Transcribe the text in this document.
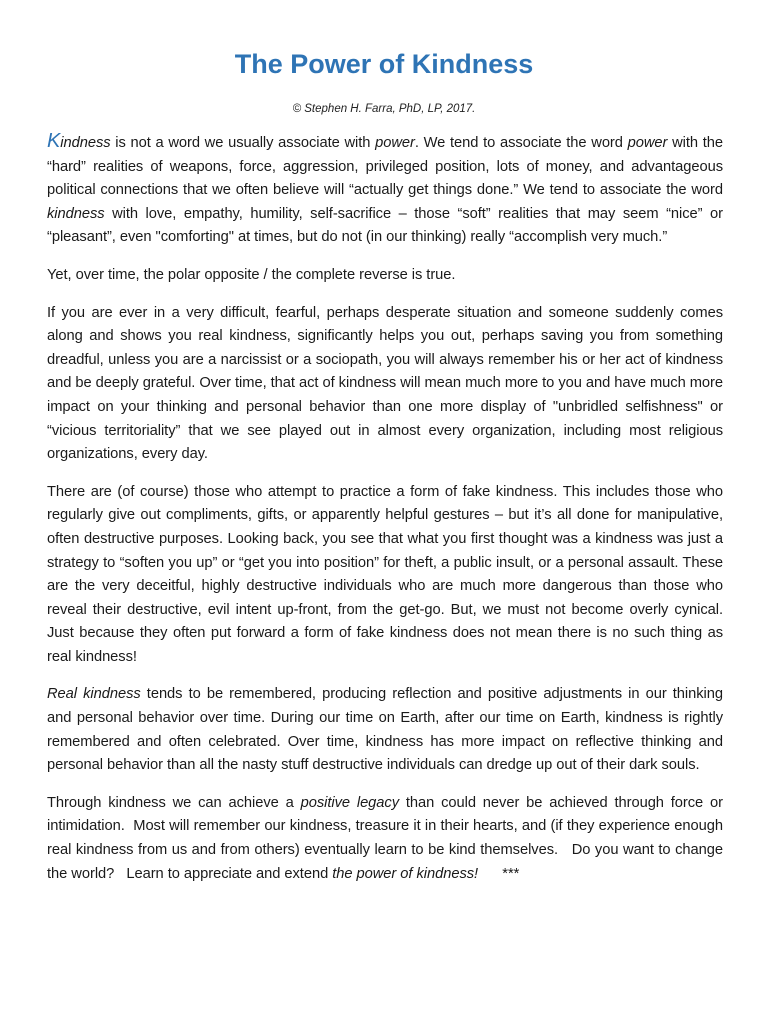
The Power of Kindness
© Stephen H. Farra, PhD, LP, 2017.

Kindness is not a word we usually associate with power. We tend to associate the word power with the “hard” realities of weapons, force, aggression, privileged position, lots of money, and advantageous political connections that we often believe will “actually get things done.” We tend to associate the word kindness with love, empathy, humility, self-sacrifice – those “soft” realities that may seem “nice” or “pleasant”, even "comforting" at times, but do not (in our thinking) really “accomplish very much.”

Yet, over time, the polar opposite / the complete reverse is true.

If you are ever in a very difficult, fearful, perhaps desperate situation and someone suddenly comes along and shows you real kindness, significantly helps you out, perhaps saving you from something dreadful, unless you are a narcissist or a sociopath, you will always remember his or her act of kindness and be deeply grateful. Over time, that act of kindness will mean much more to you and have much more impact on your thinking and personal behavior than one more display of "unbridled selfishness" or “vicious territoriality” that we see played out in almost every organization, including most religious organizations, every day.

There are (of course) those who attempt to practice a form of fake kindness. This includes those who regularly give out compliments, gifts, or apparently helpful gestures – but it’s all done for manipulative, often destructive purposes. Looking back, you see that what you first thought was a kindness was just a strategy to “soften you up” or “get you into position” for theft, a public insult, or a personal assault. These are the very deceitful, highly destructive individuals who are much more dangerous than those who reveal their destructive, evil intent up-front, from the get-go. But, we must not become overly cynical. Just because they often put forward a form of fake kindness does not mean there is no such thing as real kindness!

Real kindness tends to be remembered, producing reflection and positive adjustments in our thinking and personal behavior over time. During our time on Earth, after our time on Earth, kindness is rightly remembered and often celebrated. Over time, kindness has more impact on reflective thinking and personal behavior than all the nasty stuff destructive individuals can dredge up out of their dark souls.

Through kindness we can achieve a positive legacy than could never be achieved through force or intimidation.  Most will remember our kindness, treasure it in their hearts, and (if they experience enough real kindness from us and from others) eventually learn to be kind themselves.   Do you want to change the world?   Learn to appreciate and extend the power of kindness!      ***
